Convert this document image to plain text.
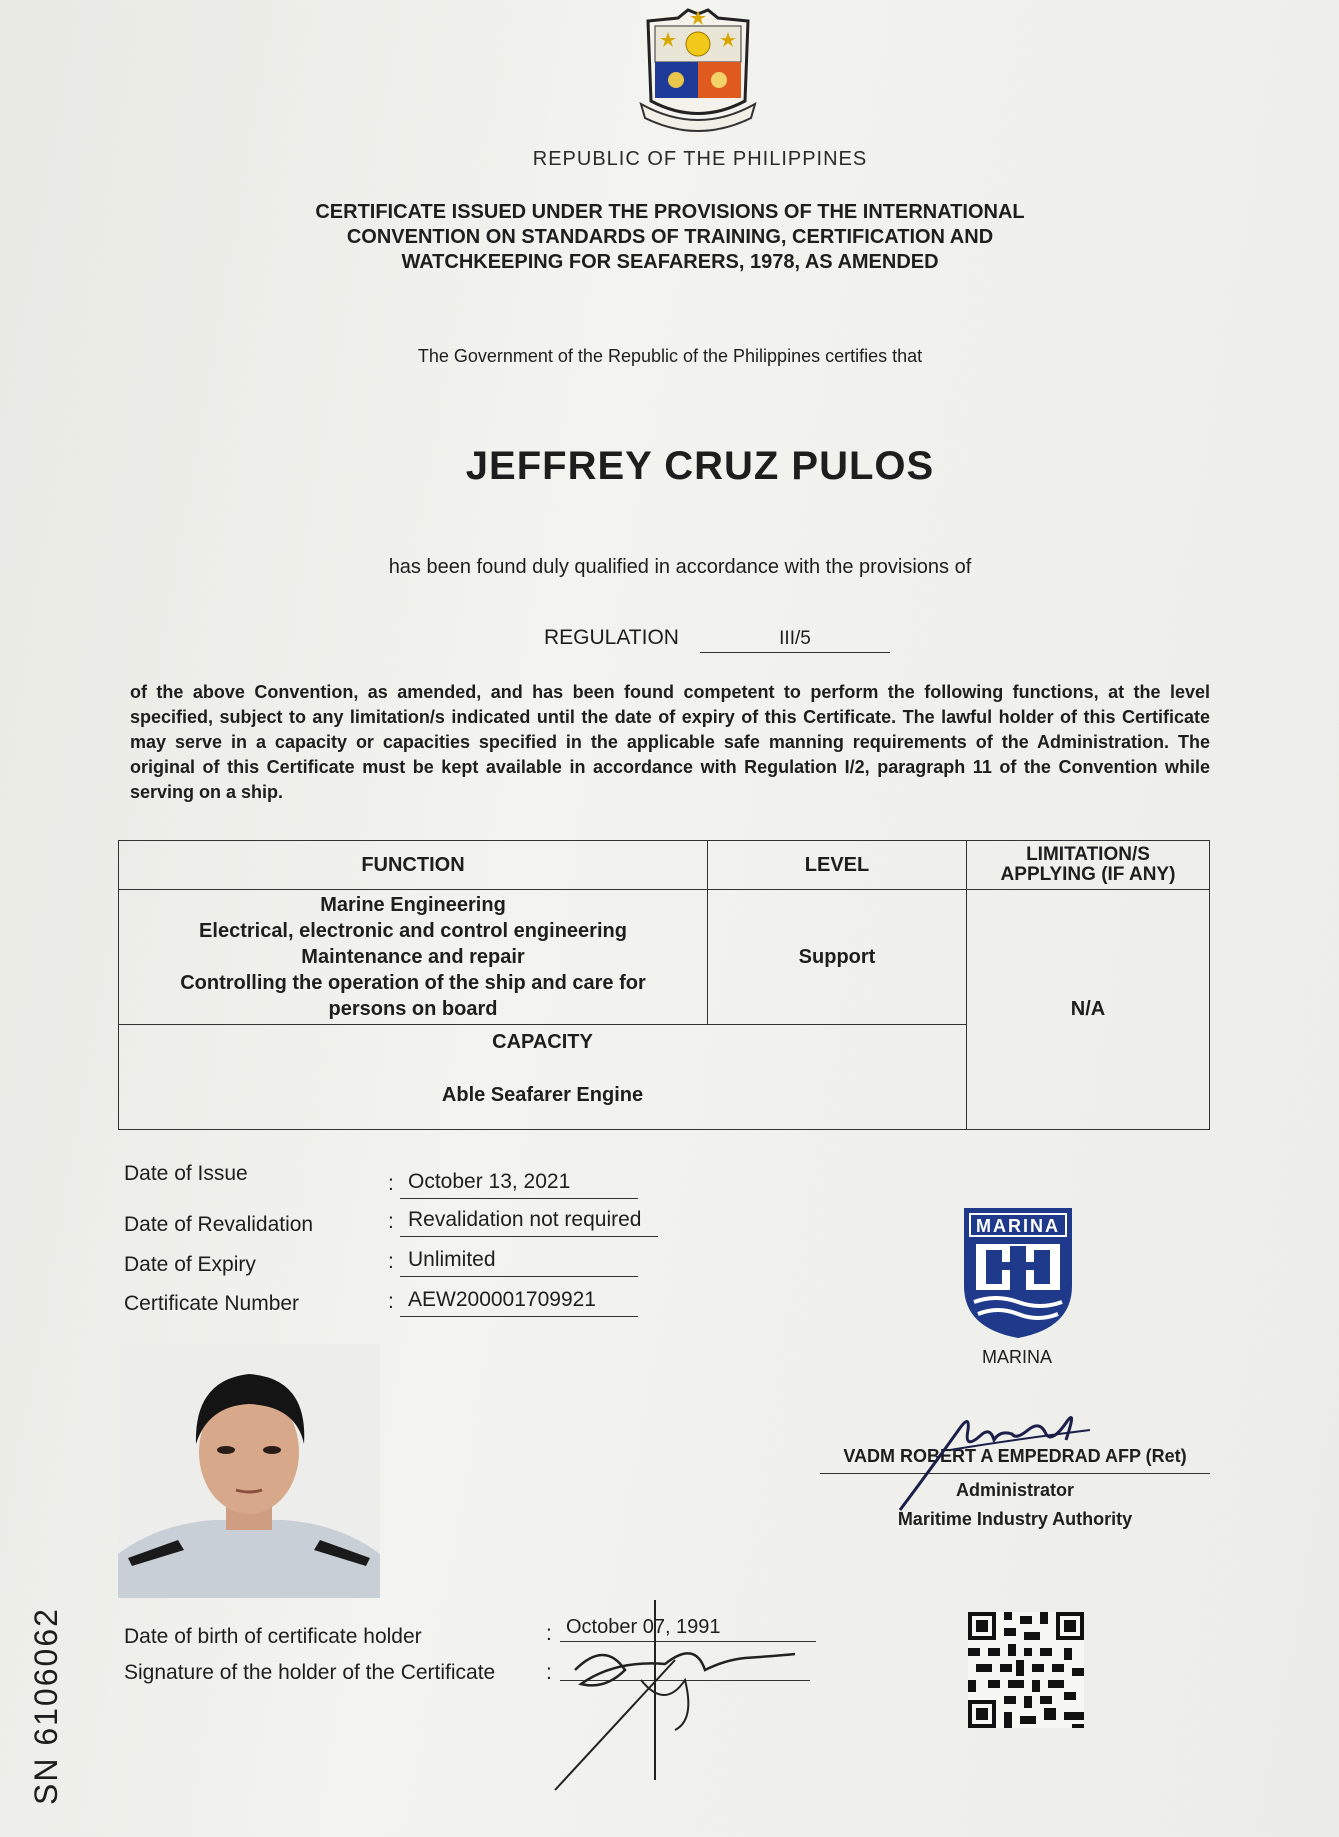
REPUBLIC OF THE PHILIPPINES
CERTIFICATE ISSUED UNDER THE PROVISIONS OF THE INTERNATIONAL
CONVENTION ON STANDARDS OF TRAINING, CERTIFICATION AND
WATCHKEEPING FOR SEAFARERS, 1978, AS AMENDED
The Government of the Republic of the Philippines certifies that
JEFFREY CRUZ PULOS
has been found duly qualified in accordance with the provisions of
REGULATION	III/5
of the above Convention, as amended, and has been found competent to perform the following functions, at the level specified, subject to any limitation/s indicated until the date of expiry of this Certificate. The lawful holder of this Certificate may serve in a capacity or capacities specified in the applicable safe manning requirements of the Administration. The original of this Certificate must be kept available in accordance with Regulation I/2, paragraph 11 of the Convention while serving on a ship.
FUNCTION	LEVEL	LIMITATION/S
APPLYING (IF ANY)

Marine Engineering
Electrical, electronic and control engineering
Maintenance and repair
Controlling the operation of the ship and care for
persons on board	Support	N/A

CAPACITY
Able Seafarer Engine		
Date of Issue	: October 13, 2021
Date of Revalidation	: Revalidation not required
Date of Expiry	: Unlimited
Certificate Number	: AEW200001709921
MARINA
MARINA
VADM ROBERT A EMPEDRAD AFP (Ret)
Administrator
Maritime Industry Authority
Date of birth of certificate holder	: October 07, 1991
Signature of the holder of the Certificate :
SN 6106062
